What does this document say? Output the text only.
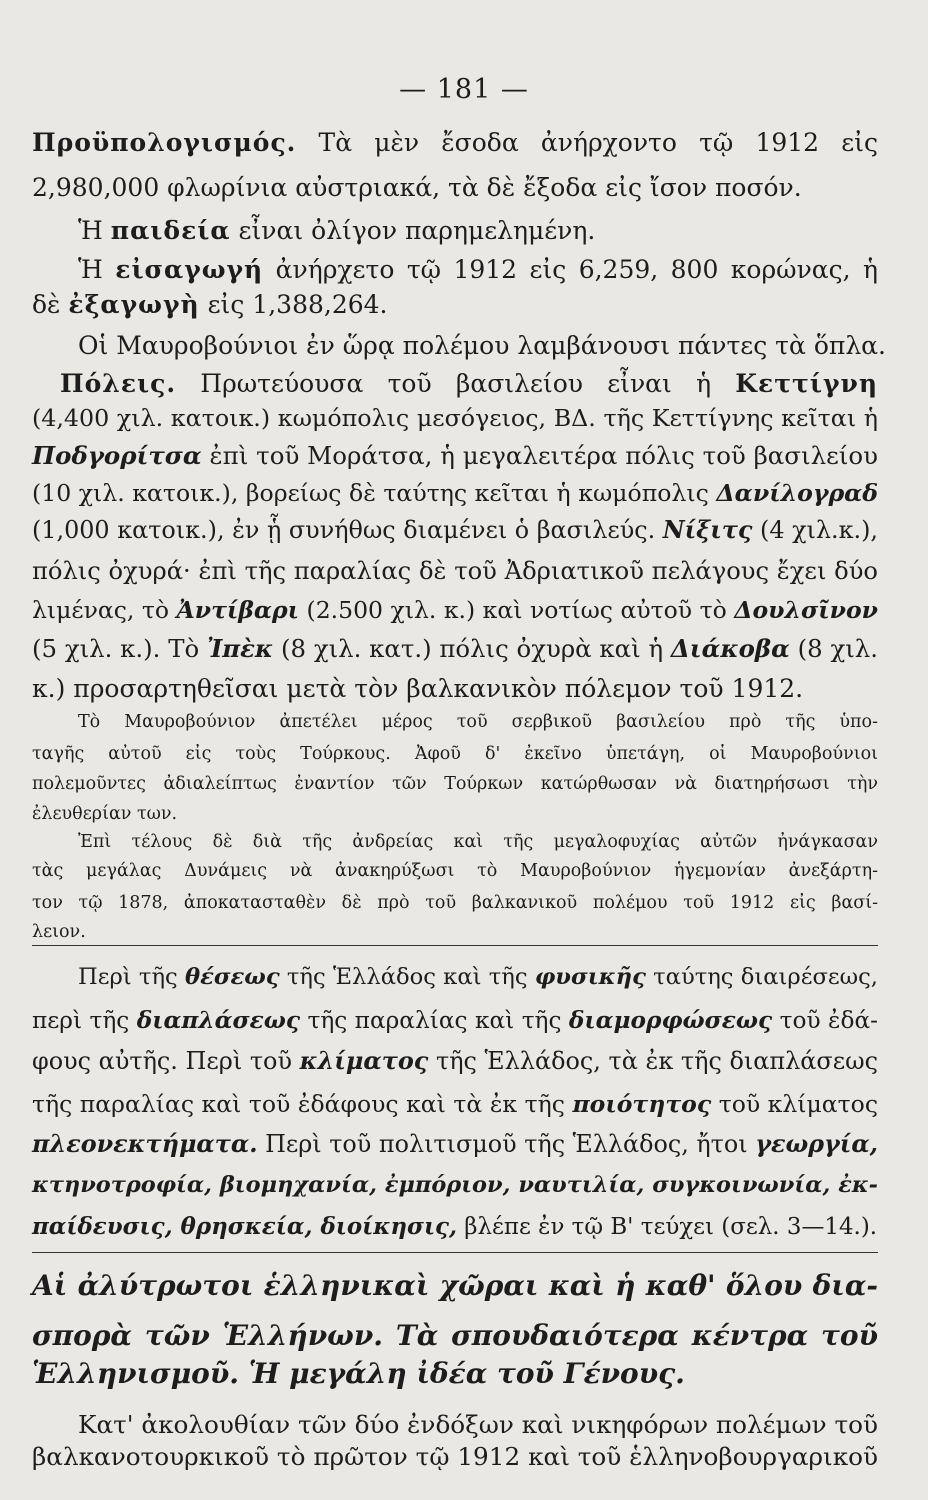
— 181 —
Προϋπολογισμός. Τὰ μὲν ἔσοδα ἀνήρχοντο τῷ 1912 εἰς
2,980,000 φλωρίνια αὐστριακά, τὰ δὲ ἔξοδα εἰς ἴσον ποσόν.
Ἡ παιδεία εἶναι ὀλίγον παρημελημένη.
Ἡ εἰσαγωγή ἀνήρχετο τῷ 1912 εἰς 6,259, 800 κορώνας, ἡ
δὲ ἐξαγωγὴ εἰς 1,388,264.
Οἱ Μαυροβούνιοι ἐν ὥρᾳ πολέμου λαμβάνουσι πάντες τὰ ὅπλα.
Πόλεις. Πρωτεύουσα τοῦ βασιλείου εἶναι ἡ Κεττίγνη
(4,400 χιλ. κατοικ.) κωμόπολις μεσόγειος, ΒΔ. τῆς Κεττίγνης κεῖται ἡ
Ποδγορίτσα ἐπὶ τοῦ Μοράτσα, ἡ μεγαλειτέρα πόλις τοῦ βασιλείου
(10 χιλ. κατοικ.), βορείως δὲ ταύτης κεῖται ἡ κωμόπολις Δανίλογραδ
(1,000 κατοικ.), ἐν ᾗ συνήθως διαμένει ὁ βασιλεύς. Νίξιτς (4 χιλ.κ.),
πόλις ὀχυρά· ἐπὶ τῆς παραλίας δὲ τοῦ Ἀδριατικοῦ πελάγους ἔχει δύο
λιμένας, τὸ Ἀντίβαρι (2.500 χιλ. κ.) καὶ νοτίως αὐτοῦ τὸ Δουλσῖνον
(5 χιλ. κ.). Τὸ Ἰπὲκ (8 χιλ. κατ.) πόλις ὀχυρὰ καὶ ἡ Διάκοβα (8 χιλ.
κ.) προσαρτηθεῖσαι μετὰ τὸν βαλκανικὸν πόλεμον τοῦ 1912.
Τὸ Μαυροβούνιον ἀπετέλει μέρος τοῦ σερβικοῦ βασιλείου πρὸ τῆς ὑπο-
ταγῆς αὐτοῦ εἰς τοὺς Τούρκους. Ἀφοῦ δ' ἐκεῖνο ὑπετάγη, οἱ Μαυροβούνιοι
πολεμοῦντες ἀδιαλείπτως ἐναντίον τῶν Τούρκων κατώρθωσαν νὰ διατηρήσωσι τὴν
ἐλευθερίαν των.
Ἐπὶ τέλους δὲ διὰ τῆς ἀνδρείας καὶ τῆς μεγαλοφυχίας αὐτῶν ἠνάγκασαν
τὰς μεγάλας Δυνάμεις νὰ ἀνακηρύξωσι τὸ Μαυροβούνιον ἡγεμονίαν ἀνεξάρτη-
τον τῷ 1878, ἀποκατασταθὲν δὲ πρὸ τοῦ βαλκανικοῦ πολέμου τοῦ 1912 εἰς βασί-
λειον.
Περὶ τῆς θέσεως τῆς Ἑλλάδος καὶ τῆς φυσικῆς ταύτης διαιρέσεως,
περὶ τῆς διαπλάσεως τῆς παραλίας καὶ τῆς διαμορφώσεως τοῦ ἐδά-
φους αὐτῆς. Περὶ τοῦ κλίματος τῆς Ἑλλάδος, τὰ ἐκ τῆς διαπλάσεως
τῆς παραλίας καὶ τοῦ ἐδάφους καὶ τὰ ἐκ τῆς ποιότητος τοῦ κλίματος
πλεονεκτήματα. Περὶ τοῦ πολιτισμοῦ τῆς Ἑλλάδος, ἤτοι γεωργία,
κτηνοτροφία, βιομηχανία, ἐμπόριον, ναυτιλία, συγκοινωνία, ἐκ-
παίδευσις, θρησκεία, διοίκησις, βλέπε ἐν τῷ Β' τεύχει (σελ. 3—14.).
Αἱ ἀλύτρωτοι ἑλληνικαὶ χῶραι καὶ ἡ καθ' ὅλου δια-
σπορὰ τῶν Ἑλλήνων. Τὰ σπουδαιότερα κέντρα τοῦ
Ἑλληνισμοῦ. Ἡ μεγάλη ἰδέα τοῦ Γένους.
Κατ' ἀκολουθίαν τῶν δύο ἐνδόξων καὶ νικηφόρων πολέμων τοῦ
βαλκανοτουρκικοῦ τὸ πρῶτον τῷ 1912 καὶ τοῦ ἑλληνοβουργαρικοῦ
